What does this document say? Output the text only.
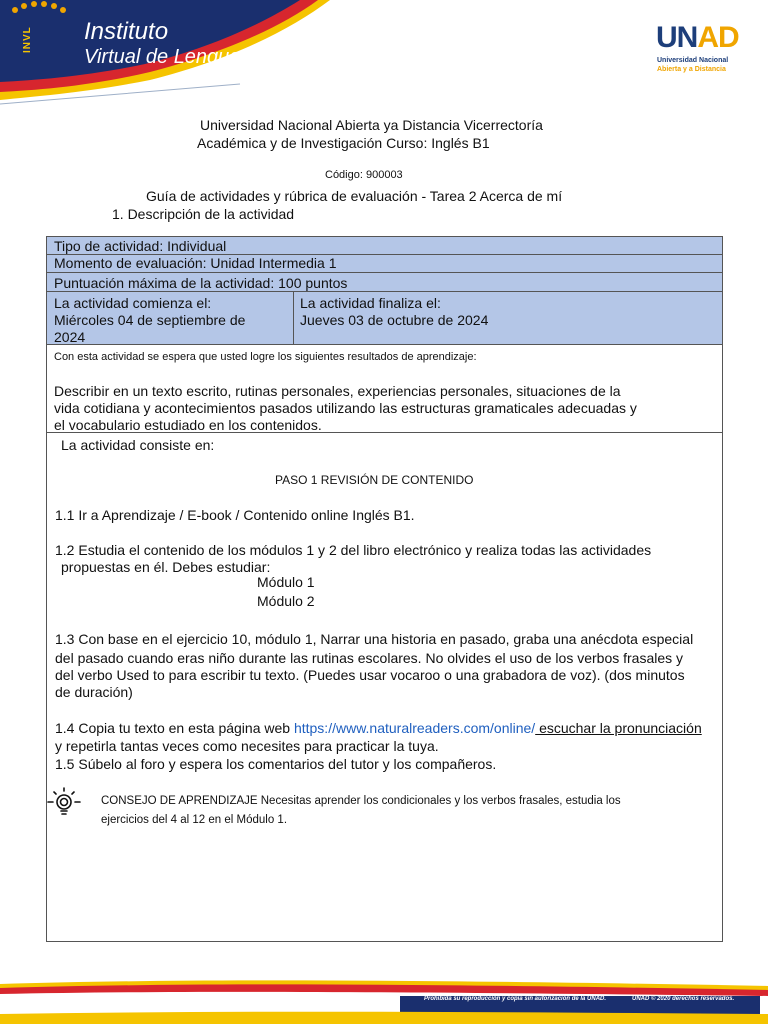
INVL	Instituto
Virtual de Lenguas
UNAD
Universidad Nacional
Abierta y a Distancia
Universidad Nacional Abierta ya Distancia Vicerrectoría
Académica y de Investigación Curso: Inglés B1
Código: 900003
Guía de actividades y rúbrica de evaluación - Tarea 2 Acerca de mí
1. Descripción de la actividad
Tipo de actividad: Individual
Momento de evaluación: Unidad Intermedia 1
Puntuación máxima de la actividad: 100 puntos
La actividad comienza el:
Miércoles 04 de septiembre de
2024
La actividad finaliza el:
Jueves 03 de octubre de 2024
Con esta actividad se espera que usted logre los siguientes resultados de aprendizaje:
Describir en un texto escrito, rutinas personales, experiencias personales, situaciones de la
vida cotidiana y acontecimientos pasados utilizando las estructuras gramaticales adecuadas y
el vocabulario estudiado en los contenidos.
La actividad consiste en:
PASO 1 REVISIÓN DE CONTENIDO
1.1 Ir a Aprendizaje / E-book / Contenido online Inglés B1.
1.2 Estudia el contenido de los módulos 1 y 2 del libro electrónico y realiza todas las actividades
propuestas en él. Debes estudiar:
Módulo 1
Módulo 2
1.3 Con base en el ejercicio 10, módulo 1, Narrar una historia en pasado, graba una anécdota especial
del pasado cuando eras niño durante las rutinas escolares. No olvides el uso de los verbos frasales y
del verbo Used to para escribir tu texto. (Puedes usar vocaroo o una grabadora de voz). (dos minutos
de duración)
1.4 Copia tu texto en esta página web https://www.naturalreaders.com/online/ escuchar la pronunciación
y repetirla tantas veces como necesites para practicar la tuya.
1.5 Súbelo al foro y espera los comentarios del tutor y los compañeros.
CONSEJO DE APRENDIZAJE Necesitas aprender los condicionales y los verbos frasales, estudia los
ejercicios del 4 al 12 en el Módulo 1.
Prohibida su reproducción y copia sin autorización de la UNAD.	UNAD © 2020 derechos reservados.
